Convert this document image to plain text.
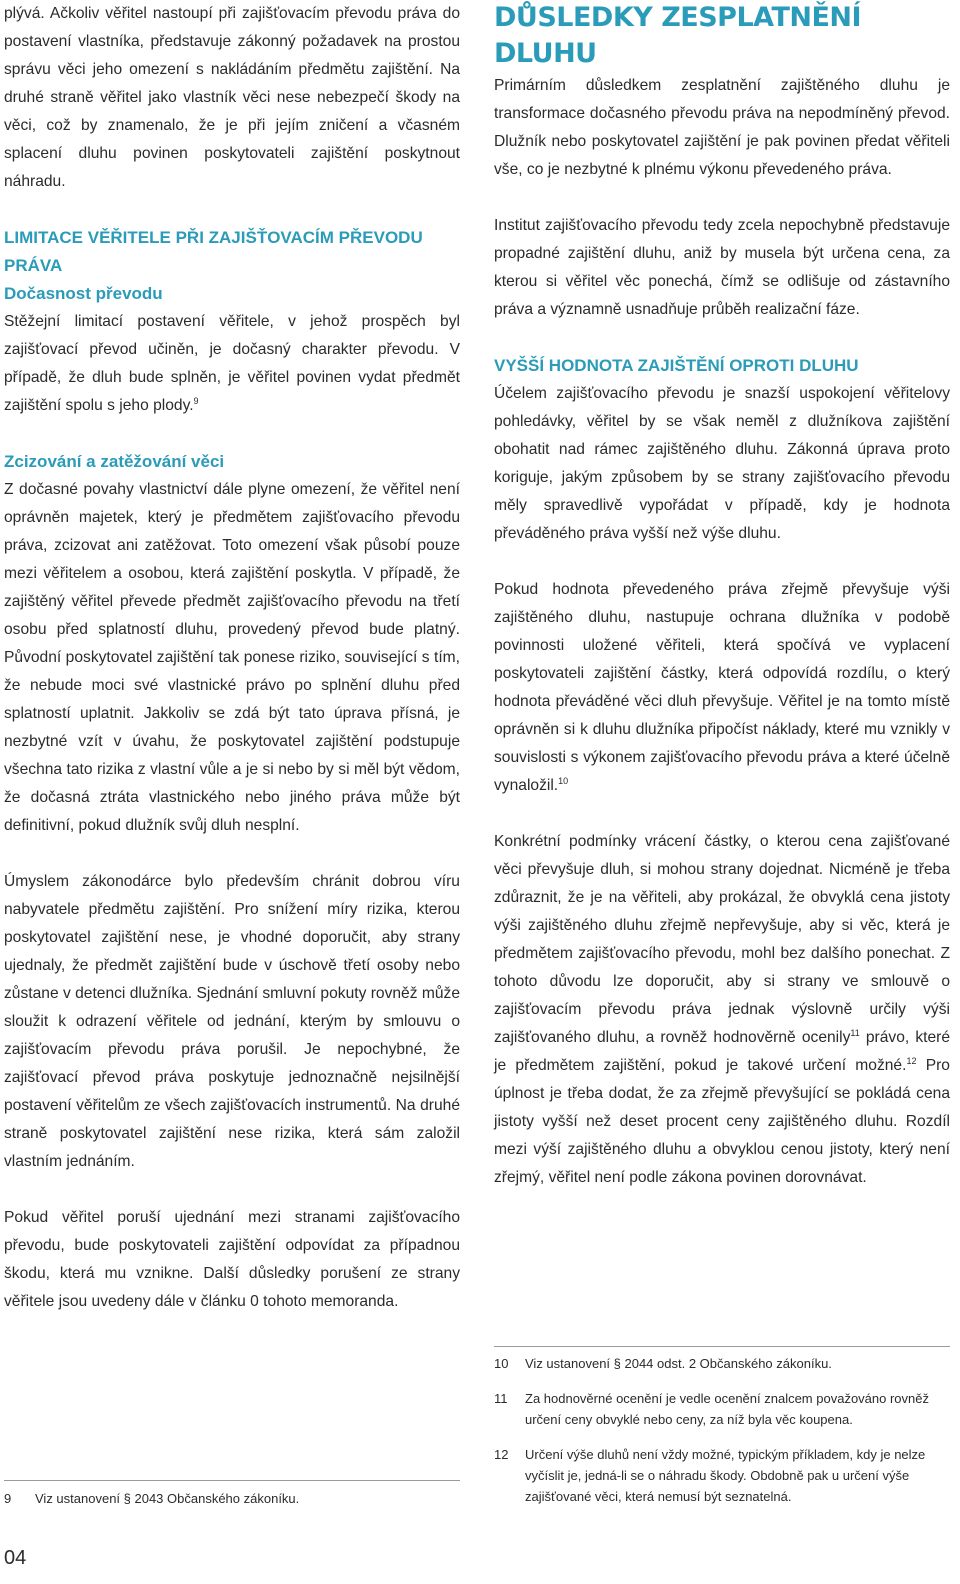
plývá. Ačkoliv věřitel nastoupí při zajišťovacím převodu práva do postavení vlastníka, představuje zákonný požadavek na prostou správu věci jeho omezení s nakládáním předmětu zajištění. Na druhé straně věřitel jako vlastník věci nese nebezpečí škody na věci, což by znamenalo, že je při jejím zničení a včasném splacení dluhu povinen poskytovateli zajištění poskytnout náhradu.

LIMITACE VĚŘITELE PŘI ZAJIŠŤOVACÍM PŘEVODU PRÁVA
Dočasnost převodu

Stěžejní limitací postavení věřitele, v jehož prospěch byl zajišťovací převod učiněn, je dočasný charakter převodu. V případě, že dluh bude splněn, je věřitel povinen vydat předmět zajištění spolu s jeho plody.$^9$

Zcizování a zatěžování věci

Z dočasné povahy vlastnictví dále plyne omezení, že věřitel není oprávněn majetek, který je předmětem zajišťovacího převodu práva, zcizovat ani zatěžovat. Toto omezení však působí pouze mezi věřitelem a osobou, která zajištění poskytla. V případě, že zajištěný věřitel převede předmět zajišťovacího převodu na třetí osobu před splatností dluhu, provedený převod bude platný. Původní poskytovatel zajištění tak ponese riziko, související s tím, že nebude moci své vlastnické právo po splnění dluhu před splatností uplatnit. Jakkoliv se zdá být tato úprava přísná, je nezbytné vzít v úvahu, že poskytovatel zajištění podstupuje všechna tato rizika z vlastní vůle a je si nebo by si měl být vědom, že dočasná ztráta vlastnického nebo jiného práva může být definitivní, pokud dlužník svůj dluh nesplní.

Úmyslem zákonodárce bylo především chránit dobrou víru nabyvatele předmětu zajištění. Pro snížení míry rizika, kterou poskytovatel zajištění nese, je vhodné doporučit, aby strany ujednaly, že předmět zajištění bude v úschově třetí osoby nebo zůstane v detenci dlužníka. Sjednání smluvní pokuty rovněž může sloužit k odrazení věřitele od jednání, kterým by smlouvu o zajišťovacím převodu práva porušil. Je nepochybné, že zajišťovací převod práva poskytuje jednoznačně nejsilnější postavení věřitelům ze všech zajišťovacích instrumentů. Na druhé straně poskytovatel zajištění nese rizika, která sám založil vlastním jednáním.

Pokud věřitel poruší ujednání mezi stranami zajišťovacího převodu, bude poskytovateli zajištění odpovídat za případnou škodu, která mu vznikne. Další důsledky porušení ze strany věřitele jsou uvedeny dále v článku 0 tohoto memoranda.

DŮSLEDKY ZESPLATNĚNÍ DLUHU

Primárním důsledkem zesplatnění zajištěného dluhu je transformace dočasného převodu práva na nepodmíněný převod. Dlužník nebo poskytovatel zajištění je pak povinen předat věřiteli vše, co je nezbytné k plnému výkonu převedeného práva.

Institut zajišťovacího převodu tedy zcela nepochybně představuje propadné zajištění dluhu, aniž by musela být určena cena, za kterou si věřitel věc ponechá, čímž se odlišuje od zástavního práva a významně usnadňuje průběh realizační fáze.

VYŠŠÍ HODNOTA ZAJIŠTĚNÍ OPROTI DLUHU

Účelem zajišťovacího převodu je snazší uspokojení věřitelovy pohledávky, věřitel by se však neměl z dlužníkova zajištění obohatit nad rámec zajištěného dluhu. Zákonná úprava proto koriguje, jakým způsobem by se strany zajišťovacího převodu měly spravedlivě vypořádat v případě, kdy je hodnota převáděného práva vyšší než výše dluhu.

Pokud hodnota převedeného práva zřejmě převyšuje výši zajištěného dluhu, nastupuje ochrana dlužníka v podobě povinnosti uložené věřiteli, která spočívá ve vyplacení poskytovateli zajištění částky, která odpovídá rozdílu, o který hodnota převáděné věci dluh převyšuje. Věřitel je na tomto místě oprávněn si k dluhu dlužníka připočíst náklady, které mu vznikly v souvislosti s výkonem zajišťovacího převodu práva a které účelně vynaložil.$^{10}$

Konkrétní podmínky vrácení částky, o kterou cena zajišťované věci převyšuje dluh, si mohou strany dojednat. Nicméně je třeba zdůraznit, že je na věřiteli, aby prokázal, že obvyklá cena jistoty výši zajištěného dluhu zřejmě nepřevyšuje, aby si věc, která je předmětem zajišťovacího převodu, mohl bez dalšího ponechat. Z tohoto důvodu lze doporučit, aby si strany ve smlouvě o zajišťovacím převodu práva jednak výslovně určily výši zajišťovaného dluhu, a rovněž hodnověrně ocenily$^{11}$ právo, které je předmětem zajištění, pokud je takové určení možné.$^{12}$ Pro úplnost je třeba dodat, že za zřejmě převyšující se pokládá cena jistoty vyšší než deset procent ceny zajištěného dluhu. Rozdíl mezi výší zajištěného dluhu a obvyklou cenou jistoty, který není zřejmý, věřitel není podle zákona povinen dorovnávat.

9	Viz ustanovení § 2043 Občanského zákoníku.
10	Viz ustanovení § 2044 odst. 2 Občanského zákoníku.
11	Za hodnověrné ocenění je vedle ocenění znalcem považováno rovněž určení ceny obvyklé nebo ceny, za níž byla věc koupena.
12	Určení výše dluhů není vždy možné, typickým příkladem, kdy je nelze vyčíslit je, jedná-li se o náhradu škody. Obdobně pak u určení výše zajišťované věci, která nemusí být seznatelná.
04
